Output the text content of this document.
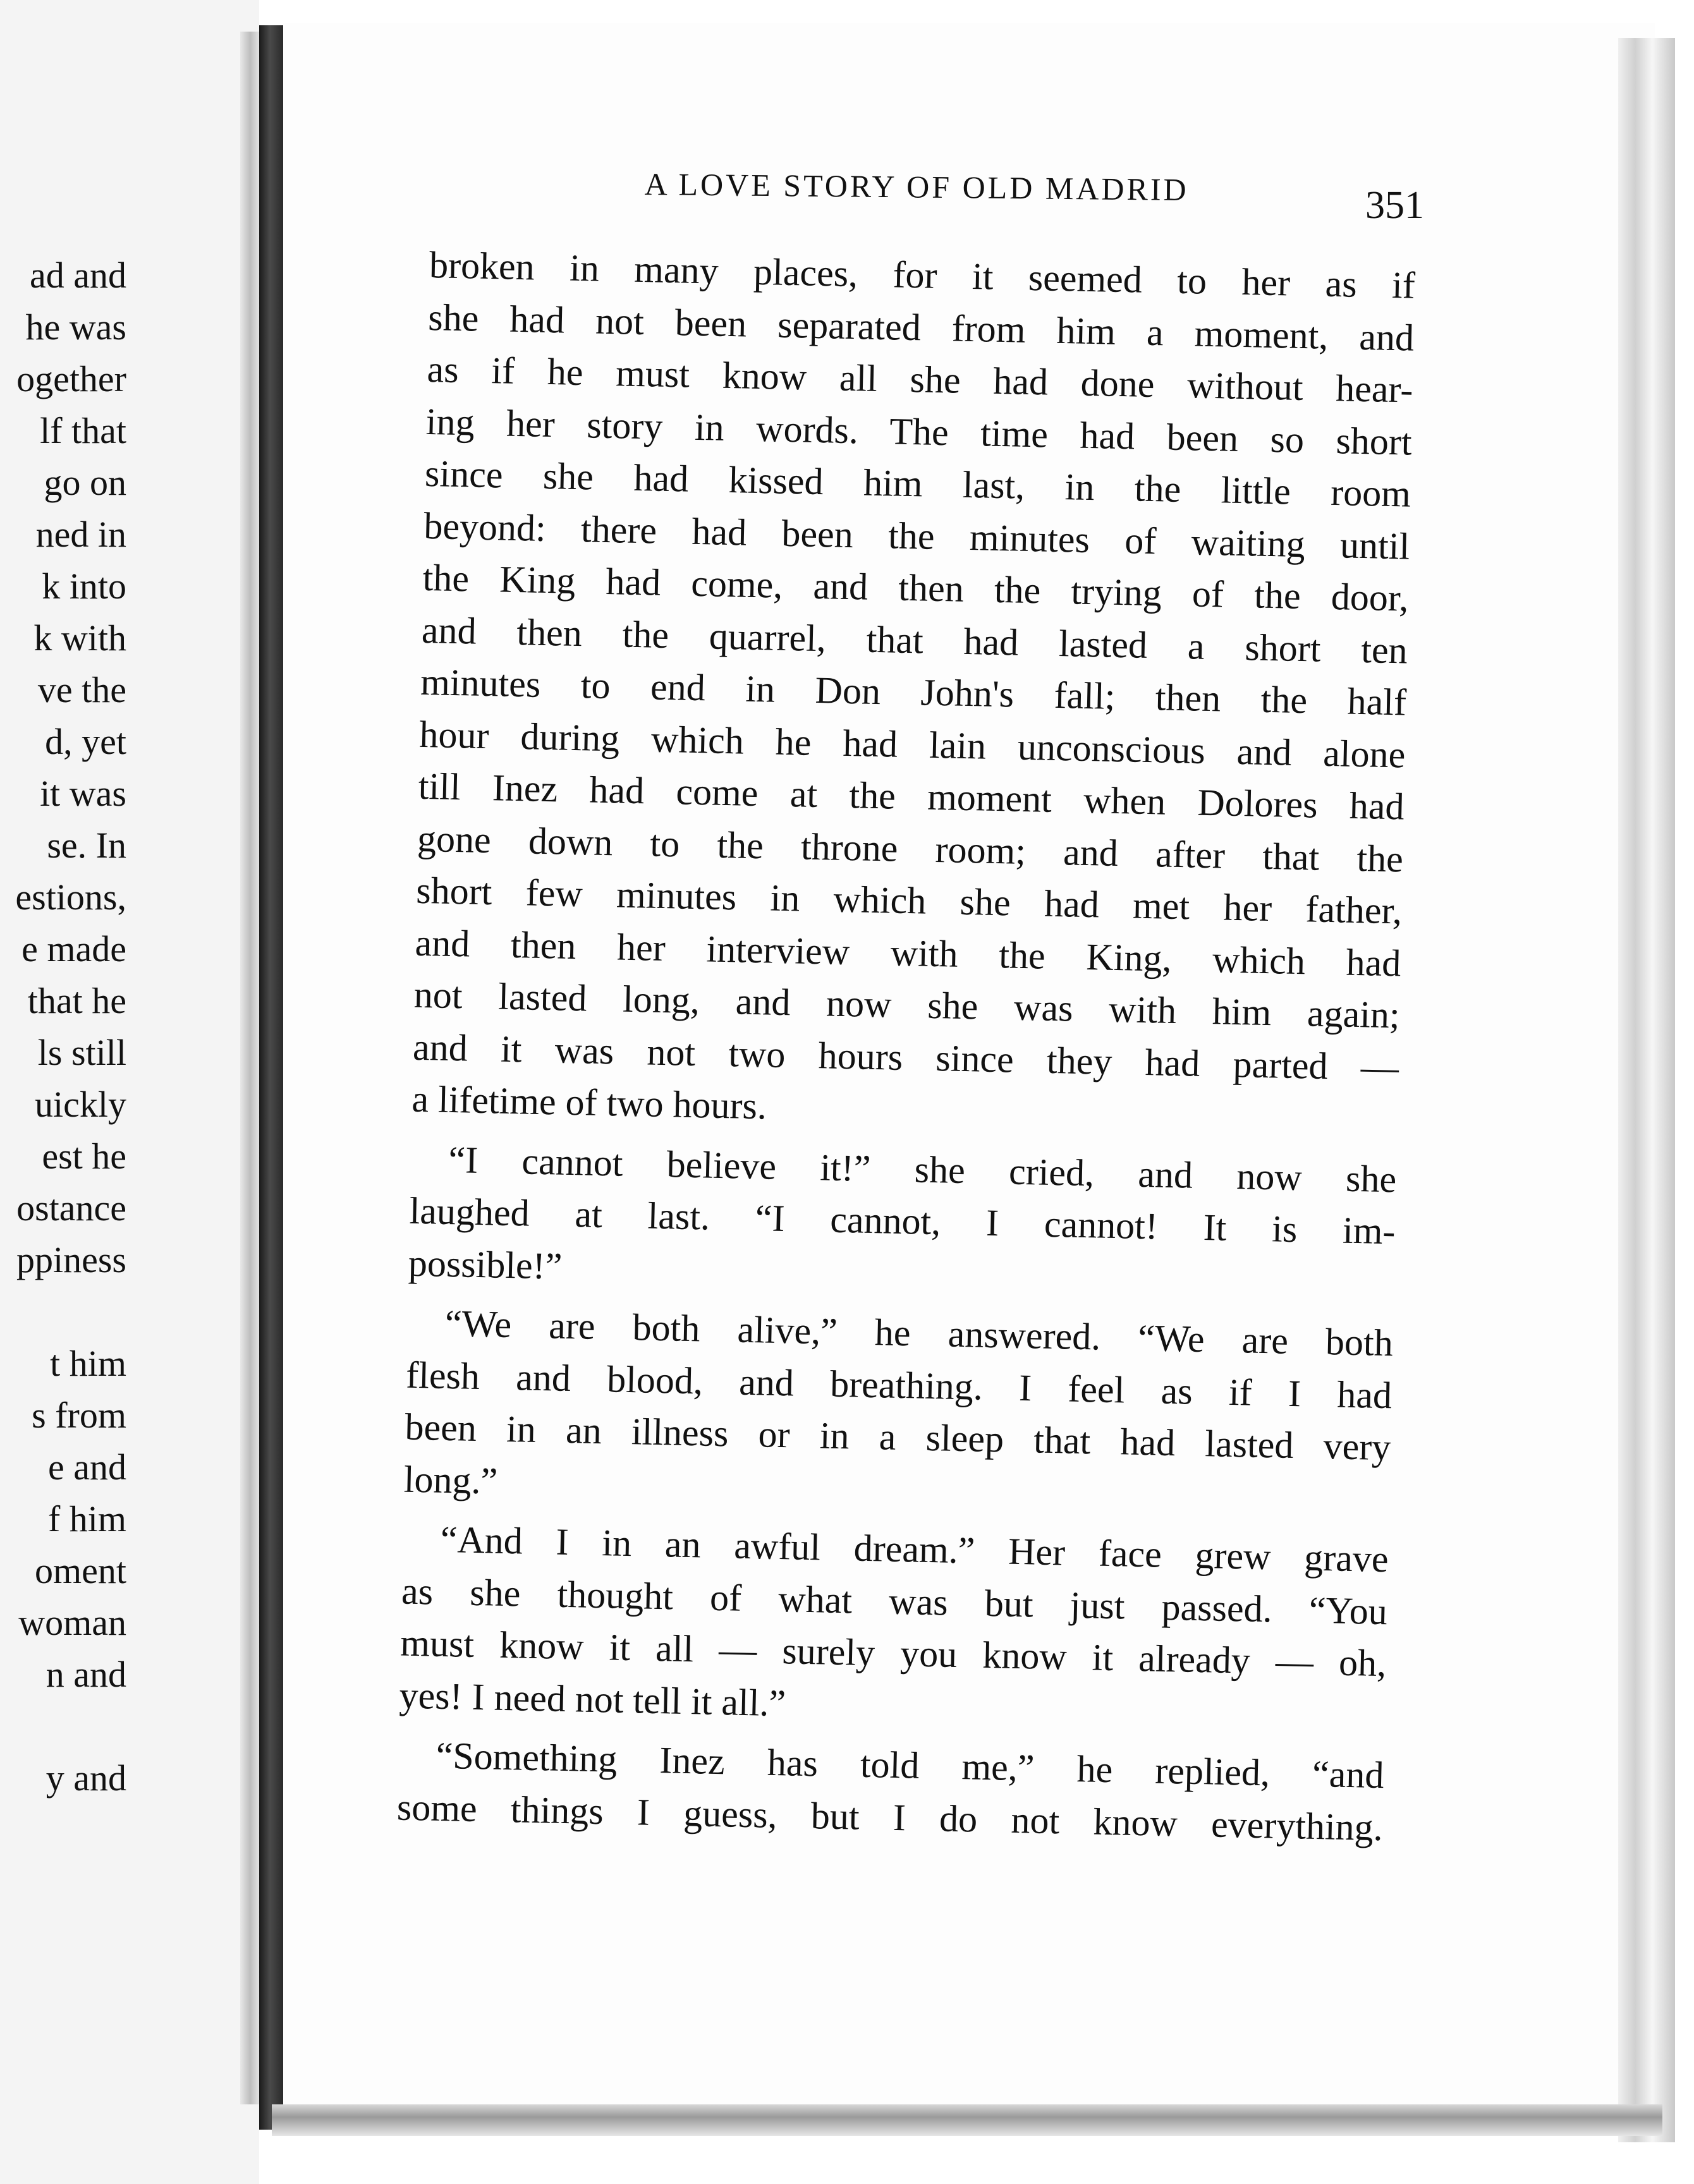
ad and
he was
ogether
lf that
go on
ned in
k into
k with
ve the
d, yet
it was
se. In
estions,
e made
that he
ls still
uickly
est he
ostance
ppiness
t him
s from
e and
f him
oment
woman
n and
y and
A LOVE STORY OF OLD MADRID	351
broken in many places, for it seemed to her as if
she had not been separated from him a moment, and
as if he must know all she had done without hear-
ing her story in words. The time had been so short
since she had kissed him last, in the little room
beyond: there had been the minutes of waiting until
the King had come, and then the trying of the door,
and then the quarrel, that had lasted a short ten
minutes to end in Don John's fall; then the half
hour during which he had lain unconscious and alone
till Inez had come at the moment when Dolores had
gone down to the throne room; and after that the
short few minutes in which she had met her father,
and then her interview with the King, which had
not lasted long, and now she was with him again;
and it was not two hours since they had parted —
a lifetime of two hours.
“I cannot believe it!” she cried, and now she
laughed at last. “I cannot, I cannot! It is im-
possible!”
“We are both alive,” he answered. “We are both
flesh and blood, and breathing. I feel as if I had
been in an illness or in a sleep that had lasted very
long.”
“And I in an awful dream.” Her face grew grave
as she thought of what was but just passed. “You
must know it all — surely you know it already — oh,
yes! I need not tell it all.”
“Something Inez has told me,” he replied, “and
some things I guess, but I do not know everything.
